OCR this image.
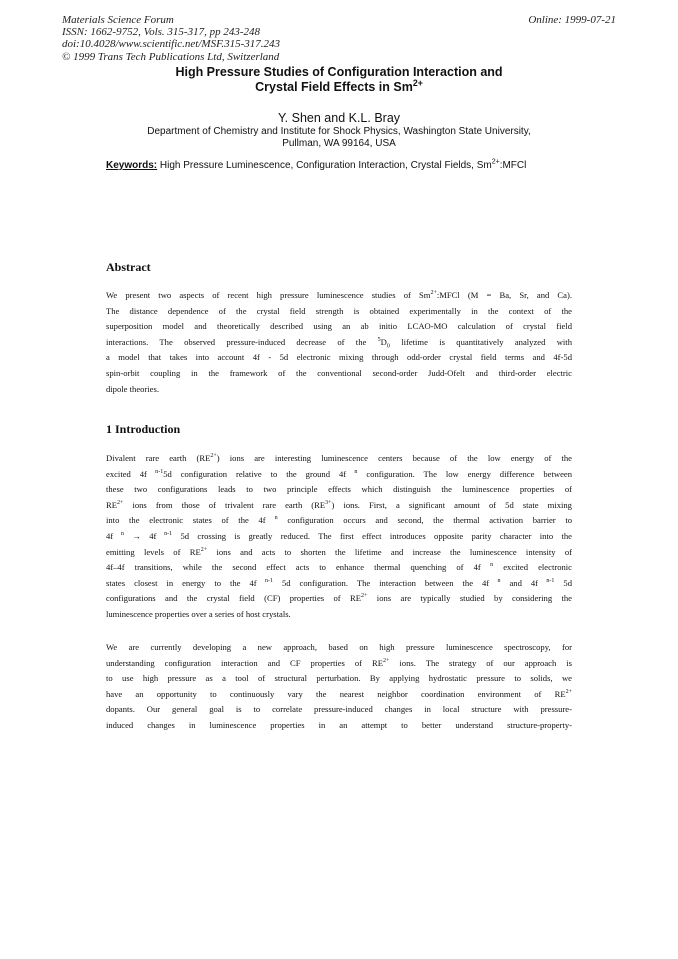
Materials Science Forum
ISSN: 1662-9752, Vols. 315-317, pp 243-248
doi:10.4028/www.scientific.net/MSF.315-317.243
© 1999 Trans Tech Publications Ltd, Switzerland
Online: 1999-07-21
High Pressure Studies of Configuration Interaction and
Crystal Field Effects in $Sm^{2+}$
Y. Shen and K.L. Bray
Department of Chemistry and Institute for Shock Physics, Washington State University,
Pullman, WA 99164, USA
Keywords: High Pressure Luminescence, Configuration Interaction, Crystal Fields, $Sm^{2+}:MFCl$
Abstract
We present two aspects of recent high pressure luminescence studies of $Sm^{2+}:MFCl$ (M = Ba, Sr, and Ca).
The distance dependence of the crystal field strength is obtained experimentally in the context of the
superposition model and theoretically described using an ab initio LCAO-MO calculation of crystal field
interactions. The observed pressure-induced decrease of the $^5D_0$ lifetime is quantitatively analyzed with
a model that takes into account 4f - 5d electronic mixing through odd-order crystal field terms and 4f-5d
spin-orbit coupling in the framework of the conventional second-order Judd-Ofelt and third-order electric
dipole theories.
1 Introduction
Divalent rare earth $(RE^{2+})$ ions are interesting luminescence centers because of the low energy of the
excited 4f $^{n-1}$5d configuration relative to the ground 4f $^n$ configuration. The low energy difference between
these two configurations leads to two principle effects which distinguish the luminescence properties of
$RE^{2+}$ ions from those of trivalent rare earth $(RE^{3+})$ ions. First, a significant amount of 5d state mixing
into the electronic states of the 4f $^n$ configuration occurs and second, the thermal activation barrier to
4f $^n$ → 4f $^{n-1}$ 5d crossing is greatly reduced. The first effect introduces opposite parity character into the
emitting levels of $RE^{2+}$ ions and acts to shorten the lifetime and increase the luminescence intensity of
4f–4f transitions, while the second effect acts to enhance thermal quenching of 4f $^n$ excited electronic
states closest in energy to the 4f $^{n-1}$ 5d configuration. The interaction between the 4f $^n$ and 4f $^{n-1}$ 5d
configurations and the crystal field (CF) properties of $RE^{2+}$ ions are typically studied by considering the
luminescence properties over a series of host crystals.
We are currently developing a new approach, based on high pressure luminescence spectroscopy, for
understanding configuration interaction and CF properties of $RE^{2+}$ ions. The strategy of our approach is
to use high pressure as a tool of structural perturbation. By applying hydrostatic pressure to solids, we
have an opportunity to continuously vary the nearest neighbor coordination environment of $RE^{2+}$
dopants. Our general goal is to correlate pressure-induced changes in local structure with pressure-
induced changes in luminescence properties in an attempt to better understand structure-property-
